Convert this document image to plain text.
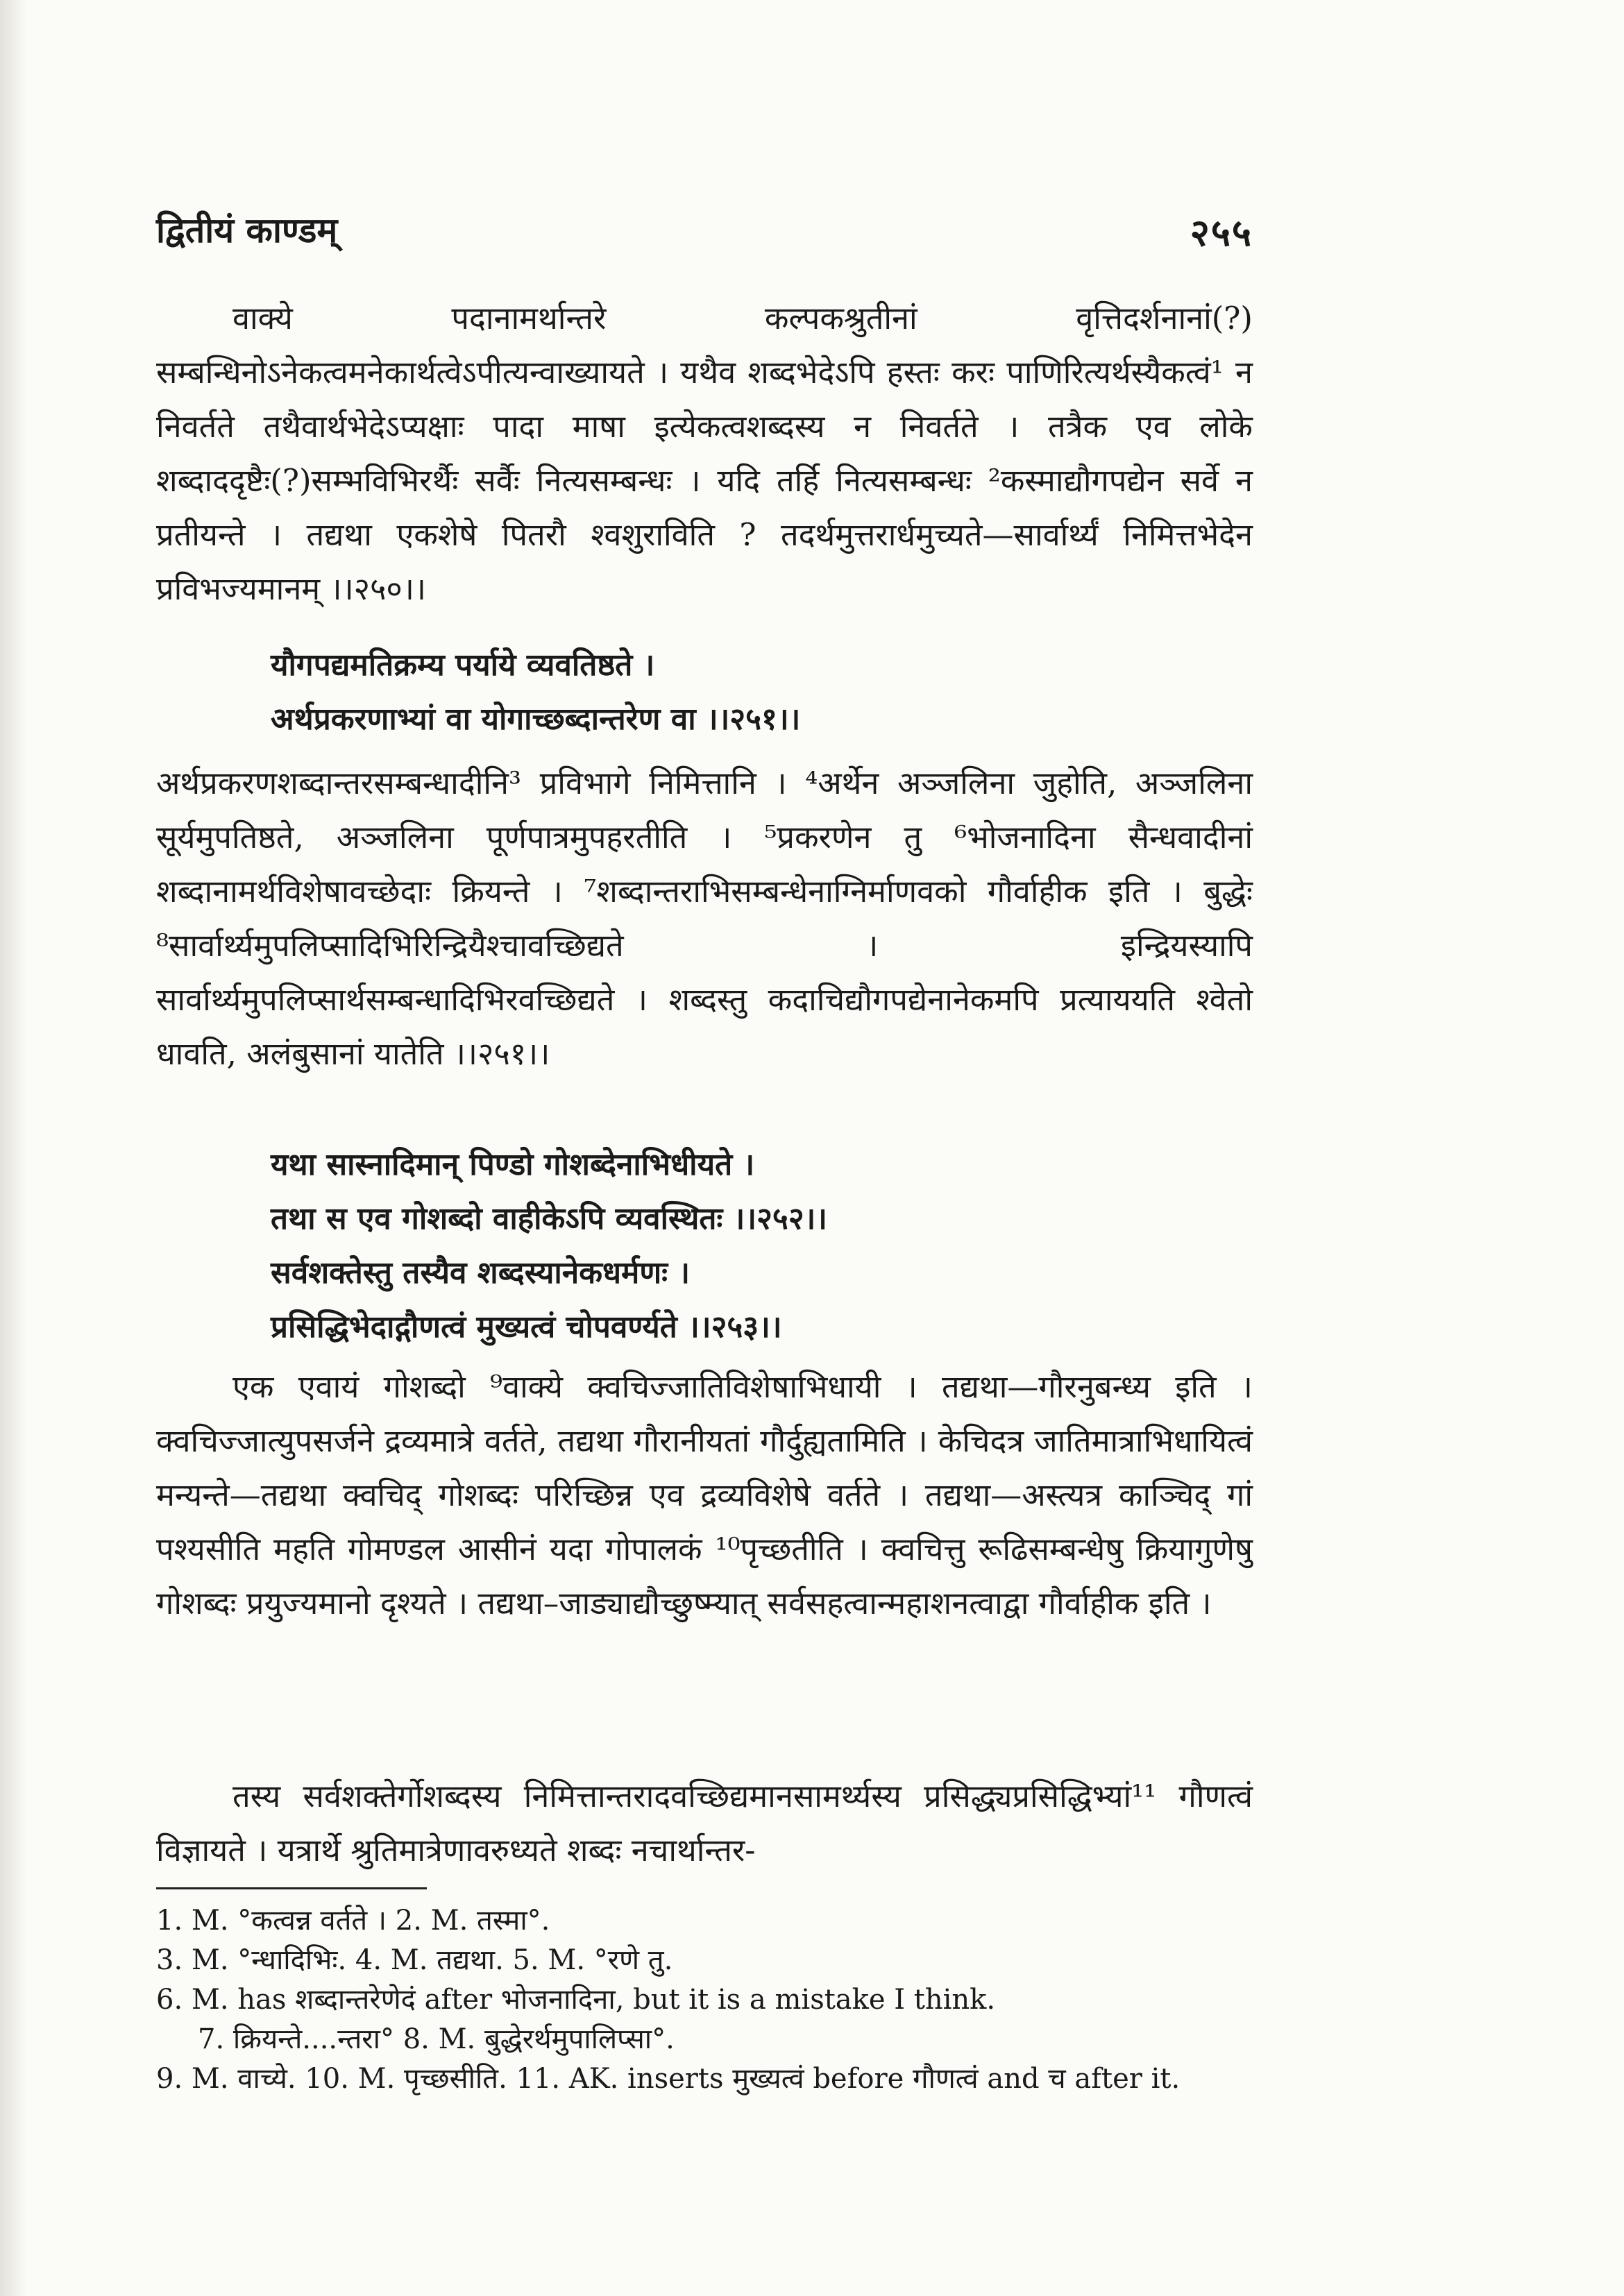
द्वितीयं काण्डम्	२५५
वाक्ये पदानामर्थान्तरे कल्पकश्रुतीनां वृत्तिदर्शनानां(?) सम्बन्धिनोऽनेकत्वमनेकार्थत्वेऽपीत्यन्वाख्यायते । यथैव शब्दभेदेऽपि हस्तः करः पाणिरित्यर्थस्यैकत्वं¹ न निवर्तते तथैवार्थभेदेऽप्यक्षाः पादा माषा इत्येकत्वशब्दस्य न निवर्तते । तत्रैक एव लोके शब्दाददृष्टैः(?)सम्भविभिरर्थैः सर्वैः नित्यसम्बन्धः । यदि तर्हि नित्यसम्बन्धः ²कस्माद्यौगपद्येन सर्वे न प्रतीयन्ते । तद्यथा एकशेषे पितरौ श्वशुराविति ? तदर्थमुत्तरार्धमुच्यते—सार्वार्थ्यं निमित्तभेदेन प्रविभज्यमानम् ।।२५०।।
यौगपद्यमतिक्रम्य पर्याये व्यवतिष्ठते ।
अर्थप्रकरणाभ्यां वा योगाच्छब्दान्तरेण वा ।।२५१।।
अर्थप्रकरणशब्दान्तरसम्बन्धादीनि³ प्रविभागे निमित्तानि । ⁴अर्थेन अञ्जलिना जुहोति, अञ्जलिना सूर्यमुपतिष्ठते, अञ्जलिना पूर्णपात्रमुपहरतीति । ⁵प्रकरणेन तु ⁶भोजनादिना सैन्धवादीनां शब्दानामर्थविशेषावच्छेदाः क्रियन्ते । ⁷शब्दान्तराभिसम्बन्धेनाग्निर्माणवको गौर्वाहीक इति । बुद्धेः ⁸सार्वार्थ्यमुपलिप्सादिभिरिन्द्रियैश्चावच्छिद्यते । इन्द्रियस्यापि सार्वार्थ्यमुपलिप्सार्थसम्बन्धादिभिरवच्छिद्यते । शब्दस्तु कदाचिद्यौगपद्येनानेकमपि प्रत्याययति श्वेतो धावति, अलंबुसानां यातेति ।।२५१।।
यथा सास्नादिमान् पिण्डो गोशब्देनाभिधीयते ।
तथा स एव गोशब्दो वाहीकेऽपि व्यवस्थितः ।।२५२।।
सर्वशक्तेस्तु तस्यैव शब्दस्यानेकधर्मणः ।
प्रसिद्धिभेदाद्गौणत्वं मुख्यत्वं चोपवर्ण्यते ।।२५३।।
एक एवायं गोशब्दो ⁹वाक्ये क्वचिज्जातिविशेषाभिधायी । तद्यथा—गौरनुबन्ध्य इति । क्वचिज्जात्युपसर्जने द्रव्यमात्रे वर्तते, तद्यथा गौरानीयतां गौर्दुह्यतामिति । केचिदत्र जातिमात्राभिधायित्वं मन्यन्ते—तद्यथा क्वचिद् गोशब्दः परिच्छिन्न एव द्रव्यविशेषे वर्तते । तद्यथा—अस्त्यत्र काञ्चिद् गां पश्यसीति महति गोमण्डल आसीनं यदा गोपालकं ¹⁰पृच्छतीति । क्वचित्तु रूढिसम्बन्धेषु क्रियागुणेषु गोशब्दः प्रयुज्यमानो दृश्यते । तद्यथा–जाड्याद्यौच्छुष्म्यात् सर्वसहत्वान्महाशनत्वाद्वा गौर्वाहीक इति ।
तस्य सर्वशक्तेर्गोशब्दस्य निमित्तान्तरादवच्छिद्यमानसामर्थ्यस्य प्रसिद्ध्यप्रसिद्धिभ्यां¹¹ गौणत्वं विज्ञायते । यत्रार्थे श्रुतिमात्रेणावरुध्यते शब्दः नचार्थान्तर-
1. M. °कत्वन्न वर्तते । 2. M. तस्मा°.
3. M. °न्धादिभिः. 4. M. तद्यथा. 5. M. °रणे तु.
6. M. has शब्दान्तरेणेदं after भोजनादिना, but it is a mistake I think.
7. क्रियन्ते....न्तरा° 8. M. बुद्धेरर्थमुपालिप्सा°.
9. M. वाच्ये. 10. M. पृच्छसीति. 11. AK. inserts मुख्यत्वं before गौणत्वं and च after it.
